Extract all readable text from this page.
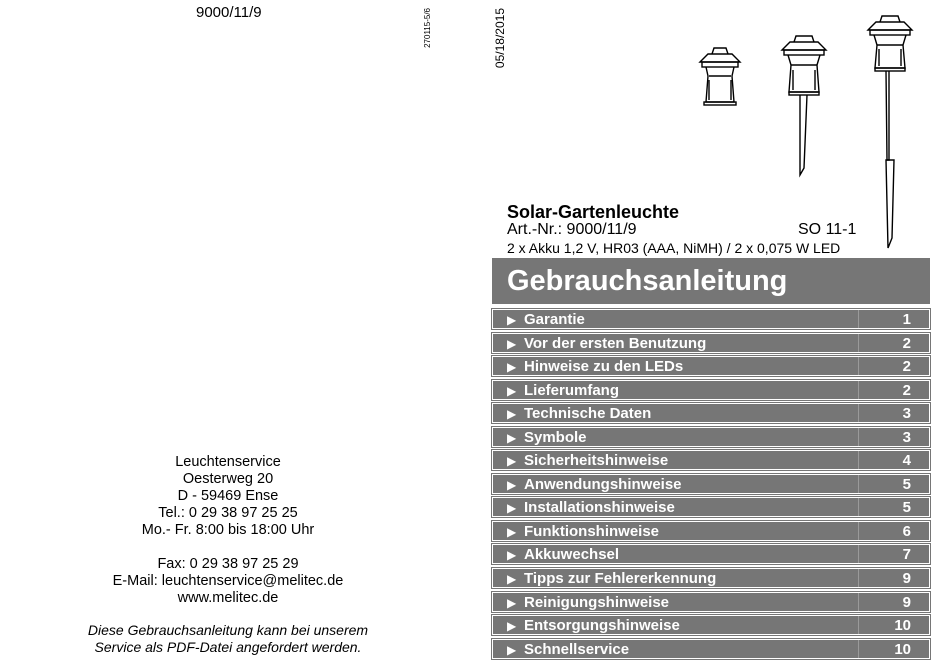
9000/11/9	270115-5/6	05/18/2015
Leuchtenservice
Oesterweg 20
D - 59469 Ense
Tel.: 0 29 38 97 25 25
Mo.- Fr. 8:00 bis 18:00 Uhr
Fax: 0 29 38 97 25 29
E-Mail: leuchtenservice@melitec.de
www.melitec.de
Diese Gebrauchsanleitung kann bei unserem
Service als PDF-Datei angefordert werden.
Solar-Gartenleuchte
Art.-Nr.: 9000/11/9	SO 11-1
2 x Akku 1,2 V, HR03 (AAA, NiMH) / 2 x 0,075 W LED
Gebrauchsanleitung
▶ Garantie	1
▶ Vor der ersten Benutzung	2
▶ Hinweise zu den LEDs	2
▶ Lieferumfang	2
▶ Technische Daten	3
▶ Symbole	3
▶ Sicherheitshinweise	4
▶ Anwendungshinweise	5
▶ Installationshinweise	5
▶ Funktionshinweise	6
▶ Akkuwechsel	7
▶ Tipps zur Fehlererkennung	9
▶ Reinigungshinweise	9
▶ Entsorgungshinweise	10
▶ Schnellservice	10
